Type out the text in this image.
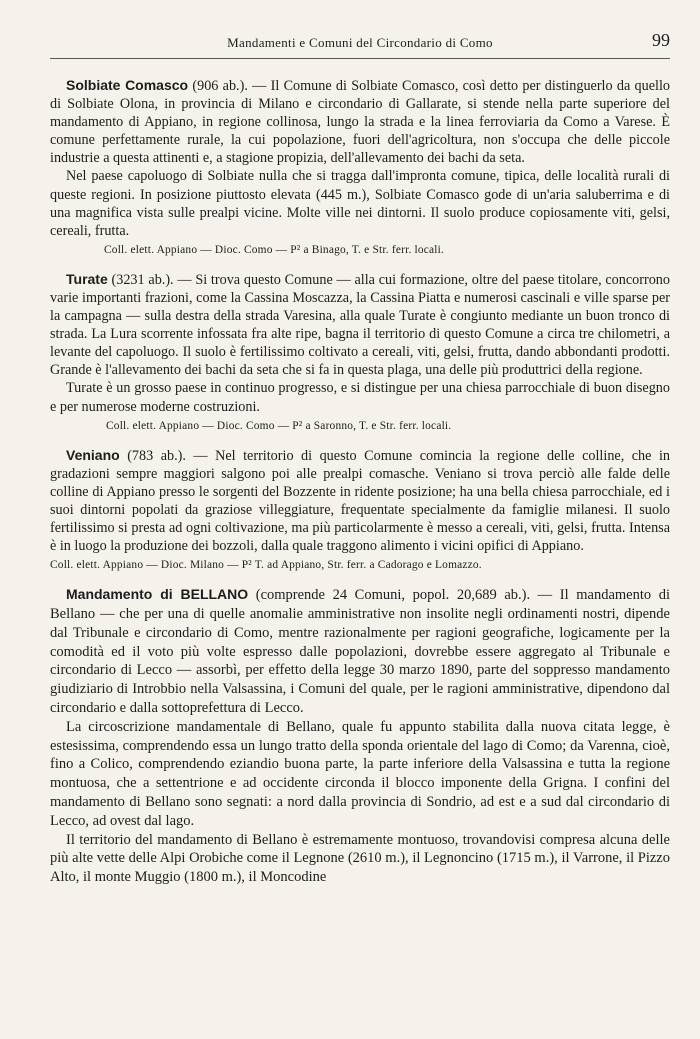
Mandamenti e Comuni del Circondario di Como	99

Solbiate Comasco (906 ab.). — Il Comune di Solbiate Comasco, così detto per distinguerlo da quello di Solbiate Olona, in provincia di Milano e circondario di Gallarate, si stende nella parte superiore del mandamento di Appiano, in regione collinosa, lungo la strada e la linea ferroviaria da Como a Varese. È comune perfettamente rurale, la cui popolazione, fuori dell'agricoltura, non s'occupa che delle piccole industrie a questa attinenti e, a stagione propizia, dell'allevamento dei bachi da seta.

Nel paese capoluogo di Solbiate nulla che si tragga dall'impronta comune, tipica, delle località rurali di queste regioni. In posizione piuttosto elevata (445 m.), Solbiate Comasco gode di un'aria saluberrima e di una magnifica vista sulle prealpi vicine. Molte ville nei dintorni. Il suolo produce copiosamente viti, gelsi, cereali, frutta.

Coll. elett. Appiano — Dioc. Como — P² a Binago, T. e Str. ferr. locali.

Turate (3231 ab.). — Si trova questo Comune — alla cui formazione, oltre del paese titolare, concorrono varie importanti frazioni, come la Cassina Moscazza, la Cassina Piatta e numerosi cascinali e ville sparse per la campagna — sulla destra della strada Varesina, alla quale Turate è congiunto mediante un buon tronco di strada. La Lura scorrente infossata fra alte ripe, bagna il territorio di questo Comune a circa tre chilometri, a levante del capoluogo. Il suolo è fertilissimo coltivato a cereali, viti, gelsi, frutta, dando abbondanti prodotti. Grande è l'allevamento dei bachi da seta che si fa in questa plaga, una delle più produttrici della regione.

Turate è un grosso paese in continuo progresso, e si distingue per una chiesa parrocchiale di buon disegno e per numerose moderne costruzioni.

Coll. elett. Appiano — Dioc. Como — P² a Saronno, T. e Str. ferr. locali.

Veniano (783 ab.). — Nel territorio di questo Comune comincia la regione delle colline, che in gradazioni sempre maggiori salgono poi alle prealpi comasche. Veniano si trova perciò alle falde delle colline di Appiano presso le sorgenti del Bozzente in ridente posizione; ha una bella chiesa parrocchiale, ed i suoi dintorni popolati da graziose villeggiature, frequentate specialmente da famiglie milanesi. Il suolo fertilissimo si presta ad ogni coltivazione, ma più particolarmente è messo a cereali, viti, gelsi, frutta. Intensa è in luogo la produzione dei bozzoli, dalla quale traggono alimento i vicini opifici di Appiano.

Coll. elett. Appiano — Dioc. Milano — P² T. ad Appiano, Str. ferr. a Cadorago e Lomazzo.

Mandamento di BELLANO (comprende 24 Comuni, popol. 20,689 ab.). — Il mandamento di Bellano — che per una di quelle anomalie amministrative non insolite negli ordinamenti nostri, dipende dal Tribunale e circondario di Como, mentre razionalmente per ragioni geografiche, logicamente per la comodità ed il voto più volte espresso dalle popolazioni, dovrebbe essere aggregato al Tribunale e circondario di Lecco — assorbì, per effetto della legge 30 marzo 1890, parte del soppresso mandamento giudiziario di Introbbio nella Valsassina, i Comuni del quale, per le ragioni amministrative, dipendono dal circondario e dalla sottoprefettura di Lecco.

La circoscrizione mandamentale di Bellano, quale fu appunto stabilita dalla nuova citata legge, è estesissima, comprendendo essa un lungo tratto della sponda orientale del lago di Como; da Varenna, cioè, fino a Colico, comprendendo eziandio buona parte, la parte inferiore della Valsassina e tutta la regione montuosa, che a settentrione e ad occidente circonda il blocco imponente della Grigna. I confini del mandamento di Bellano sono segnati: a nord dalla provincia di Sondrio, ad est e a sud dal circondario di Lecco, ad ovest dal lago.

Il territorio del mandamento di Bellano è estremamente montuoso, trovandovisi compresa alcuna delle più alte vette delle Alpi Orobiche come il Legnone (2610 m.), il Legnoncino (1715 m.), il Varrone, il Pizzo Alto, il monte Muggio (1800 m.), il Moncodine
